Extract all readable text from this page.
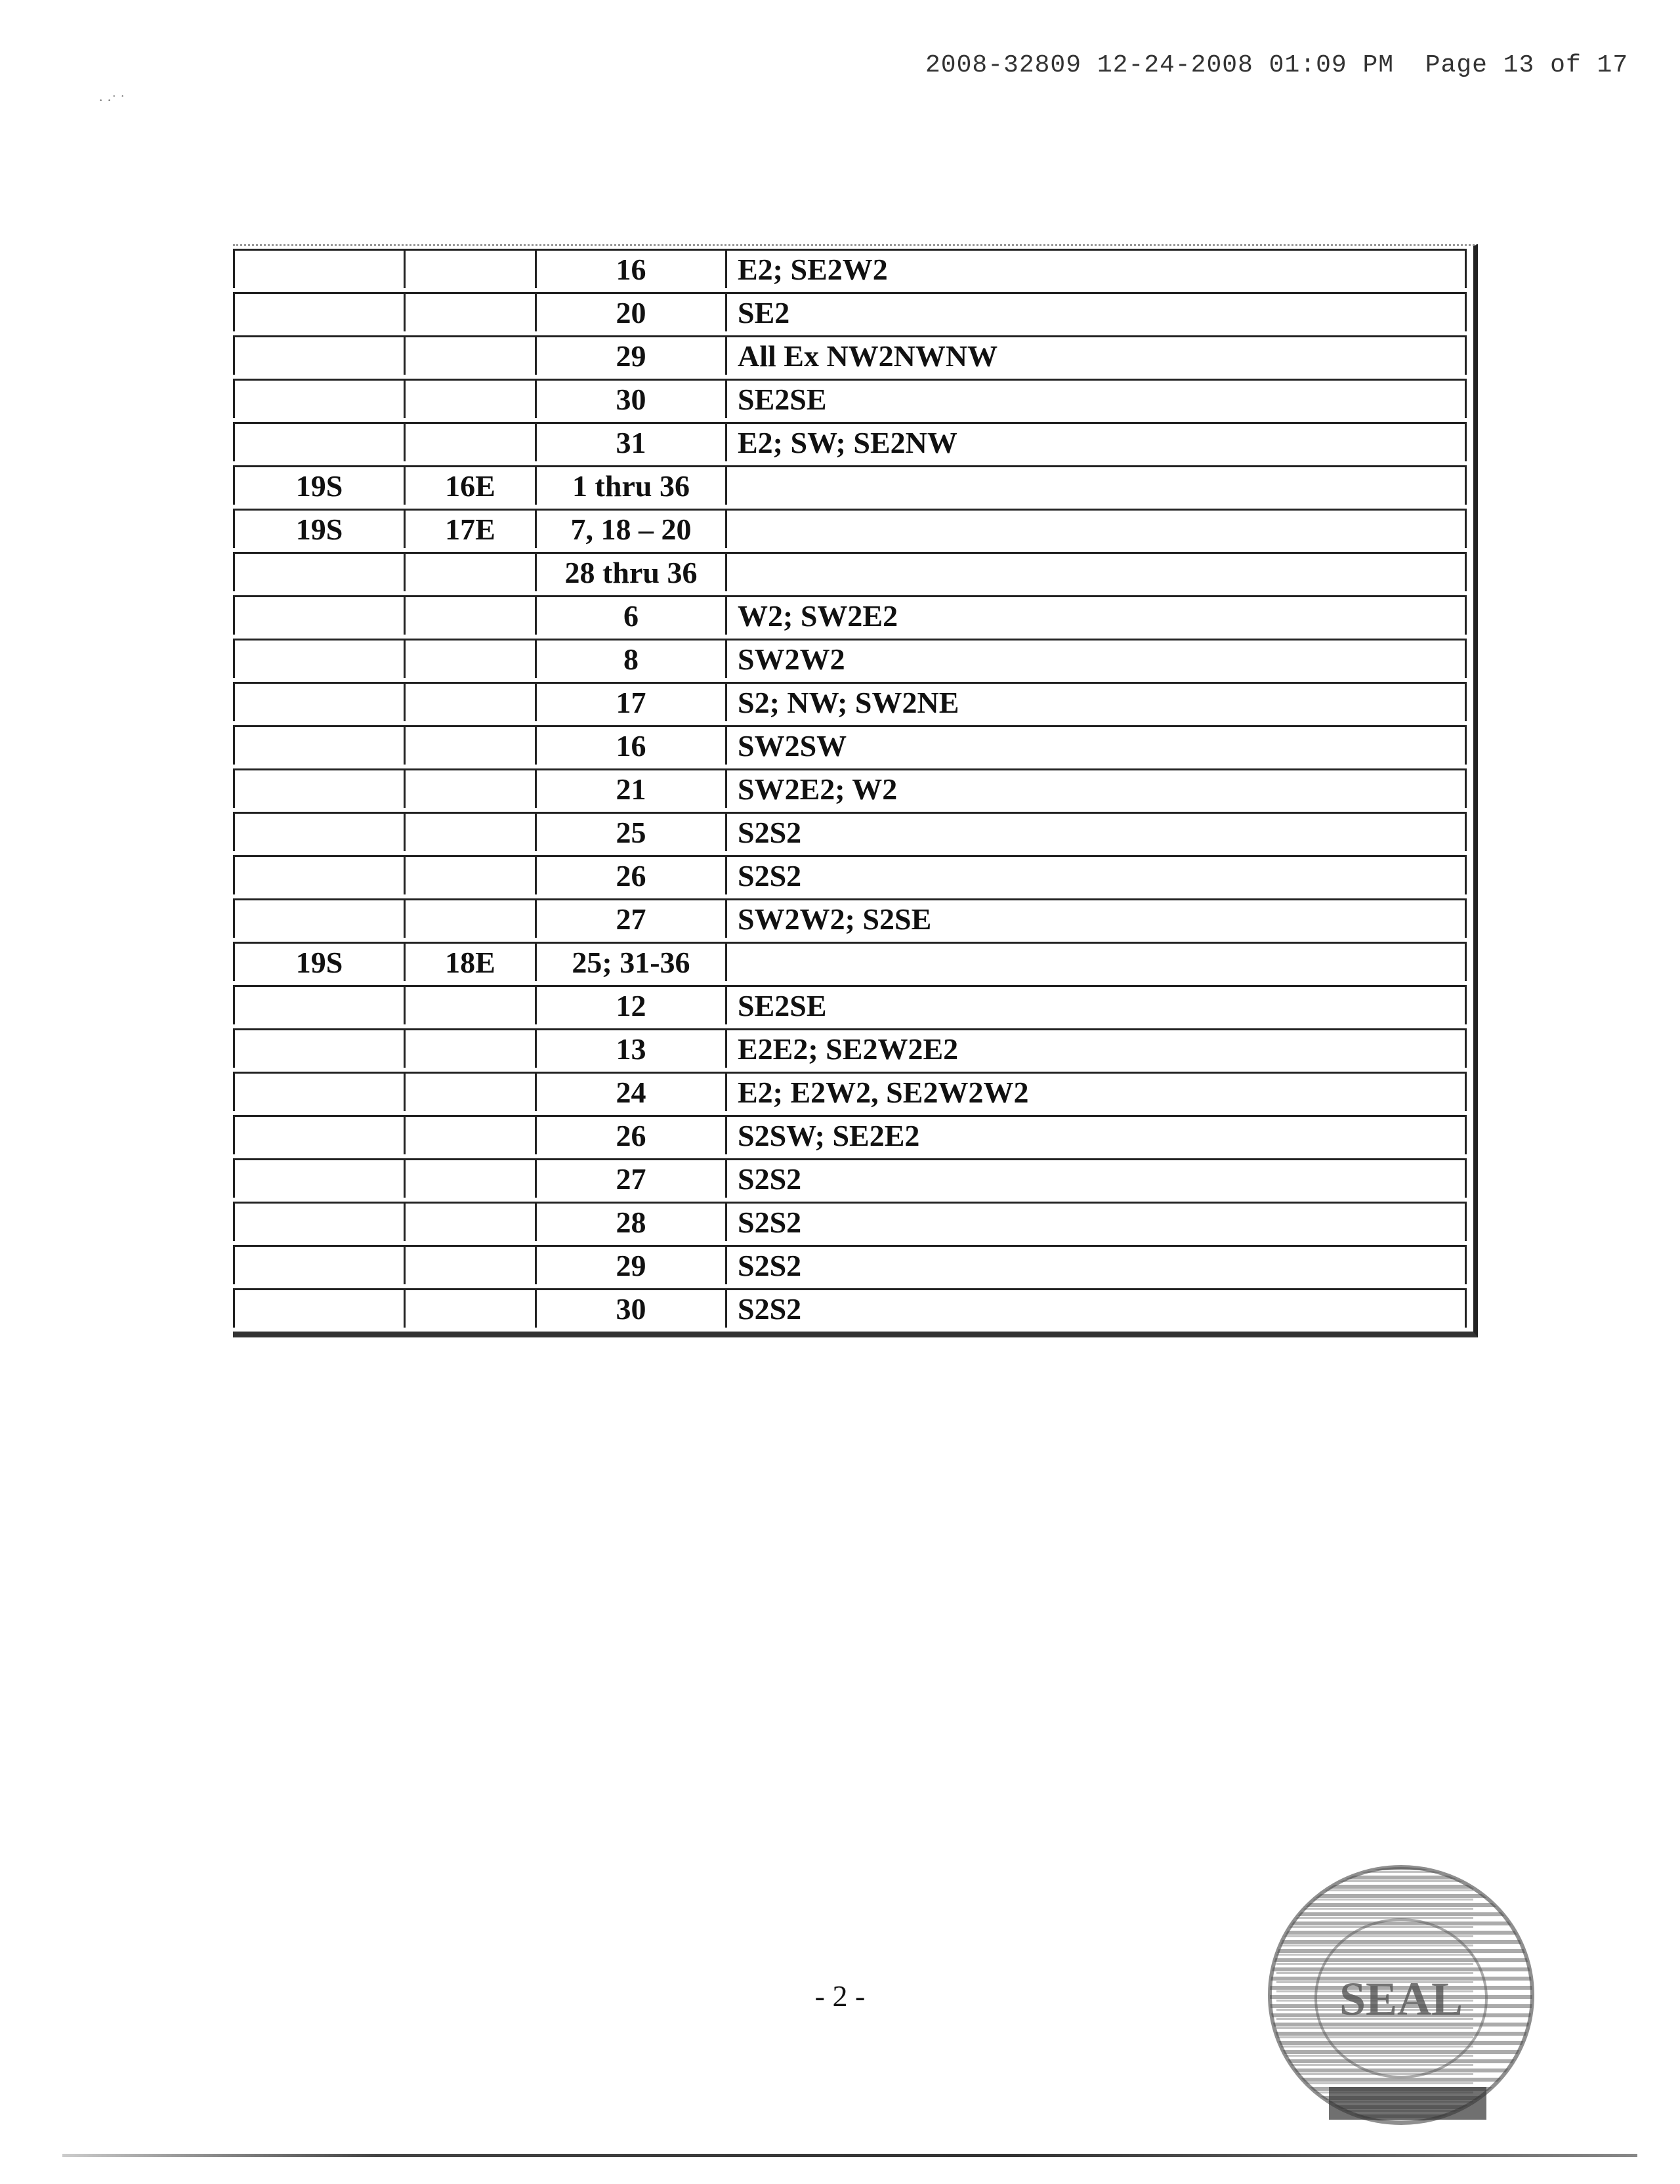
2008-32809 12-24-2008 01:09 PM  Page 13 of 17
· ·˙ ˙
		16	E2; SE2W2
		20	SE2
		29	All Ex NW2NWNW
		30	SE2SE
		31	E2; SW; SE2NW
19S	16E	1 thru 36	
19S	17E	7, 18 – 20	
		28 thru 36	
		6	W2; SW2E2
		8	SW2W2
		17	S2; NW; SW2NE
		16	SW2SW
		21	SW2E2; W2
		25	S2S2
		26	S2S2
		27	SW2W2; S2SE
19S	18E	25; 31-36	
		12	SE2SE
		13	E2E2; SE2W2E2
		24	E2; E2W2, SE2W2W2
		26	S2SW; SE2E2
		27	S2S2
		28	S2S2
		29	S2S2
		30	S2S2
- 2 -	SEAL
